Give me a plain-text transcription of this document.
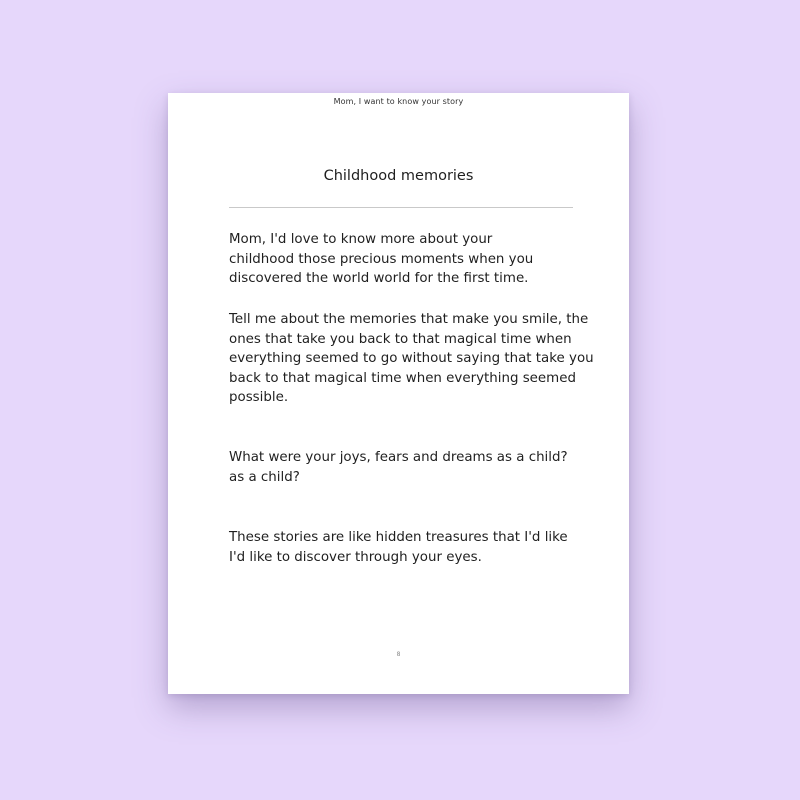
Mom, I want to know your story
Childhood memories

Mom, I'd love to know more about your
childhood those precious moments when you
discovered the world world for the first time.

Tell me about the memories that make you smile, the
ones that take you back to that magical time when
everything seemed to go without saying that take you
back to that magical time when everything seemed
possible.

What were your joys, fears and dreams as a child?
as a child?

These stories are like hidden treasures that I'd like
I'd like to discover through your eyes.

8
